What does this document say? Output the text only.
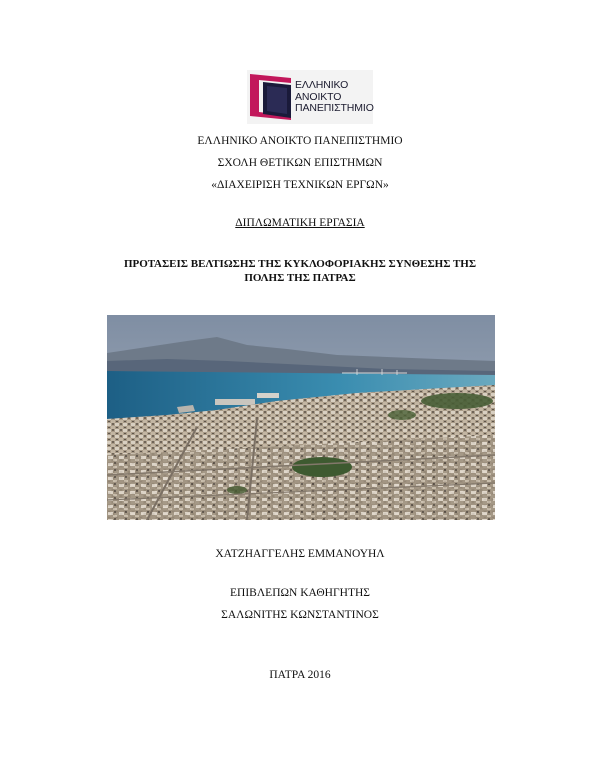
ΕΛΛΗΝΙΚΟ
ΑΝΟΙΚΤΟ
ΠΑΝΕΠΙΣΤΗΜΙΟ
ΕΛΛΗΝΙΚΟ ΑΝΟΙΚΤΟ ΠΑΝΕΠΙΣΤΗΜΙΟ
ΣΧΟΛΗ ΘΕΤΙΚΩΝ ΕΠΙΣΤΗΜΩΝ
«ΔΙΑΧΕΙΡΙΣΗ ΤΕΧΝΙΚΩΝ ΕΡΓΩΝ»
ΔΙΠΛΩΜΑΤΙΚΗ ΕΡΓΑΣΙΑ
ΠΡΟΤΑΣΕΙΣ ΒΕΛΤΙΩΣΗΣ ΤΗΣ ΚΥΚΛΟΦΟΡΙΑΚΗΣ ΣΥΝΘΕΣΗΣ ΤΗΣ
ΠΟΛΗΣ ΤΗΣ ΠΑΤΡΑΣ
ΧΑΤΖΗΑΓΓΕΛΗΣ ΕΜΜΑΝΟΥΗΛ
ΕΠΙΒΛΕΠΩΝ ΚΑΘΗΓΗΤΗΣ
ΣΑΛΩΝΙΤΗΣ ΚΩΝΣΤΑΝΤΙΝΟΣ
ΠΑΤΡΑ 2016
